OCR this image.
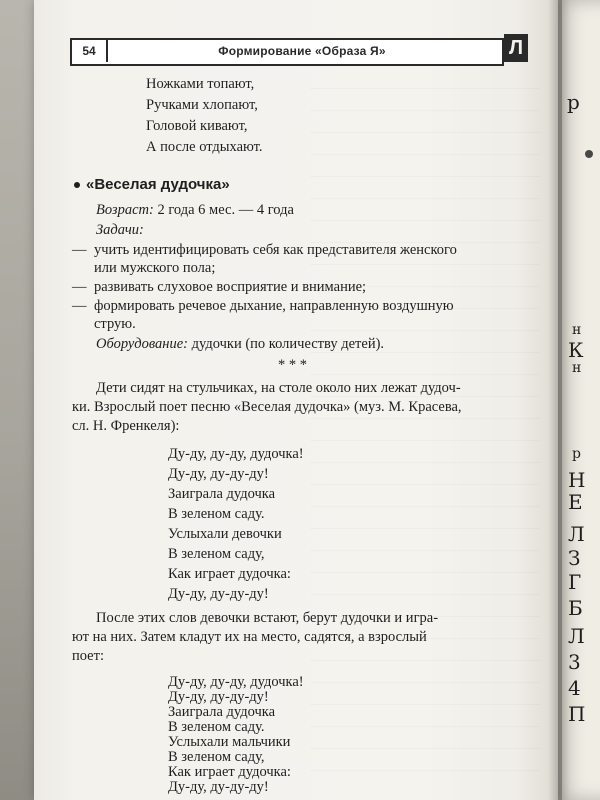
р
н
К
н
р
Н
Е
Л
З
Г
Б
Л
3
4
П
54	Формирование «Образа Я»	Л
Ножками топают,
Ручками хлопают,
Головой кивают,
А после отдыхают.
«Веселая дудочка»
Возраст: 2 года 6 мес. — 4 года
Задачи:
— учить идентифицировать себя как представителя женского
или мужского пола;
— развивать слуховое восприятие и внимание;
— формировать речевое дыхание, направленную воздушную
струю.
Оборудование: дудочки (по количеству детей).
* * *
Дети сидят на стульчиках, на столе около них лежат дудоч-
ки. Взрослый поет песню «Веселая дудочка» (муз. М. Красева,
сл. Н. Френкеля):
Ду-ду, ду-ду, дудочка!
Ду-ду, ду-ду-ду!
Заиграла дудочка
В зеленом саду.
Услыхали девочки
В зеленом саду,
Как играет дудочка:
Ду-ду, ду-ду-ду!
После этих слов девочки встают, берут дудочки и игра-
ют на них. Затем кладут их на место, садятся, а взрослый
поет:
Ду-ду, ду-ду, дудочка!
Ду-ду, ду-ду-ду!
Заиграла дудочка
В зеленом саду.
Услыхали мальчики
В зеленом саду,
Как играет дудочка:
Ду-ду, ду-ду-ду!
